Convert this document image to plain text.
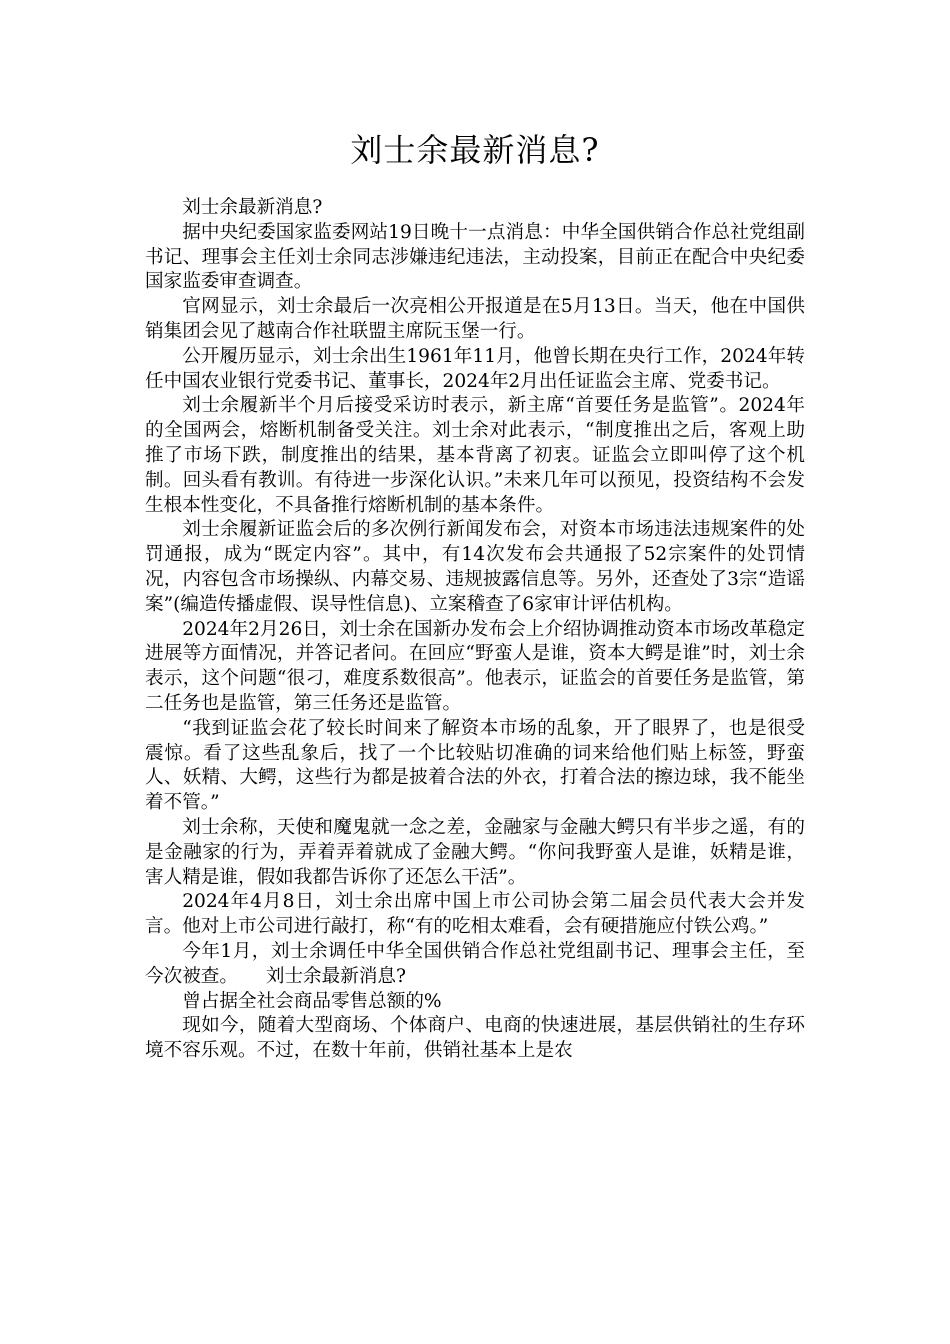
刘士余最新消息?

刘士余最新消息?

据中央纪委国家监委网站19日晚十一点消息：中华全国供销合作总社党组副书记、理事会主任刘士余同志涉嫌违纪违法，主动投案，目前正在配合中央纪委国家监委审查调查。

官网显示，刘士余最后一次亮相公开报道是在5月13日。当天，他在中国供销集团会见了越南合作社联盟主席阮玉堡一行。

公开履历显示，刘士余出生1961年11月，他曾长期在央行工作，2024年转任中国农业银行党委书记、董事长，2024年2月出任证监会主席、党委书记。

刘士余履新半个月后接受采访时表示，新主席“首要任务是监管”。2024年的全国两会，熔断机制备受关注。刘士余对此表示，“制度推出之后，客观上助推了市场下跌，制度推出的结果，基本背离了初衷。证监会立即叫停了这个机制。回头看有教训。有待进一步深化认识。”未来几年可以预见，投资结构不会发生根本性变化，不具备推行熔断机制的基本条件。

刘士余履新证监会后的多次例行新闻发布会，对资本市场违法违规案件的处罚通报，成为“既定内容”。其中，有14次发布会共通报了52宗案件的处罚情况，内容包含市场操纵、内幕交易、违规披露信息等。另外，还查处了3宗“造谣案”(编造传播虚假、误导性信息)、立案稽查了6家审计评估机构。

2024年2月26日，刘士余在国新办发布会上介绍协调推动资本市场改革稳定进展等方面情况，并答记者问。在回应“野蛮人是谁，资本大鳄是谁”时，刘士余表示，这个问题“很刁，难度系数很高”。他表示，证监会的首要任务是监管，第二任务也是监管，第三任务还是监管。

“我到证监会花了较长时间来了解资本市场的乱象，开了眼界了，也是很受震惊。看了这些乱象后，找了一个比较贴切准确的词来给他们贴上标签，野蛮人、妖精、大鳄，这些行为都是披着合法的外衣，打着合法的擦边球，我不能坐着不管。”

刘士余称，天使和魔鬼就一念之差，金融家与金融大鳄只有半步之遥，有的是金融家的行为，弄着弄着就成了金融大鳄。“你问我野蛮人是谁，妖精是谁，害人精是谁，假如我都告诉你了还怎么干活”。

2024年4月8日，刘士余出席中国上市公司协会第二届会员代表大会并发言。他对上市公司进行敲打，称“有的吃相太难看，会有硬措施应付铁公鸡。”

今年1月，刘士余调任中华全国供销合作总社党组副书记、理事会主任，至今次被查。　　刘士余最新消息?

曾占据全社会商品零售总额的%

现如今，随着大型商场、个体商户、电商的快速进展，基层供销社的生存环境不容乐观。不过，在数十年前，供销社基本上是农
